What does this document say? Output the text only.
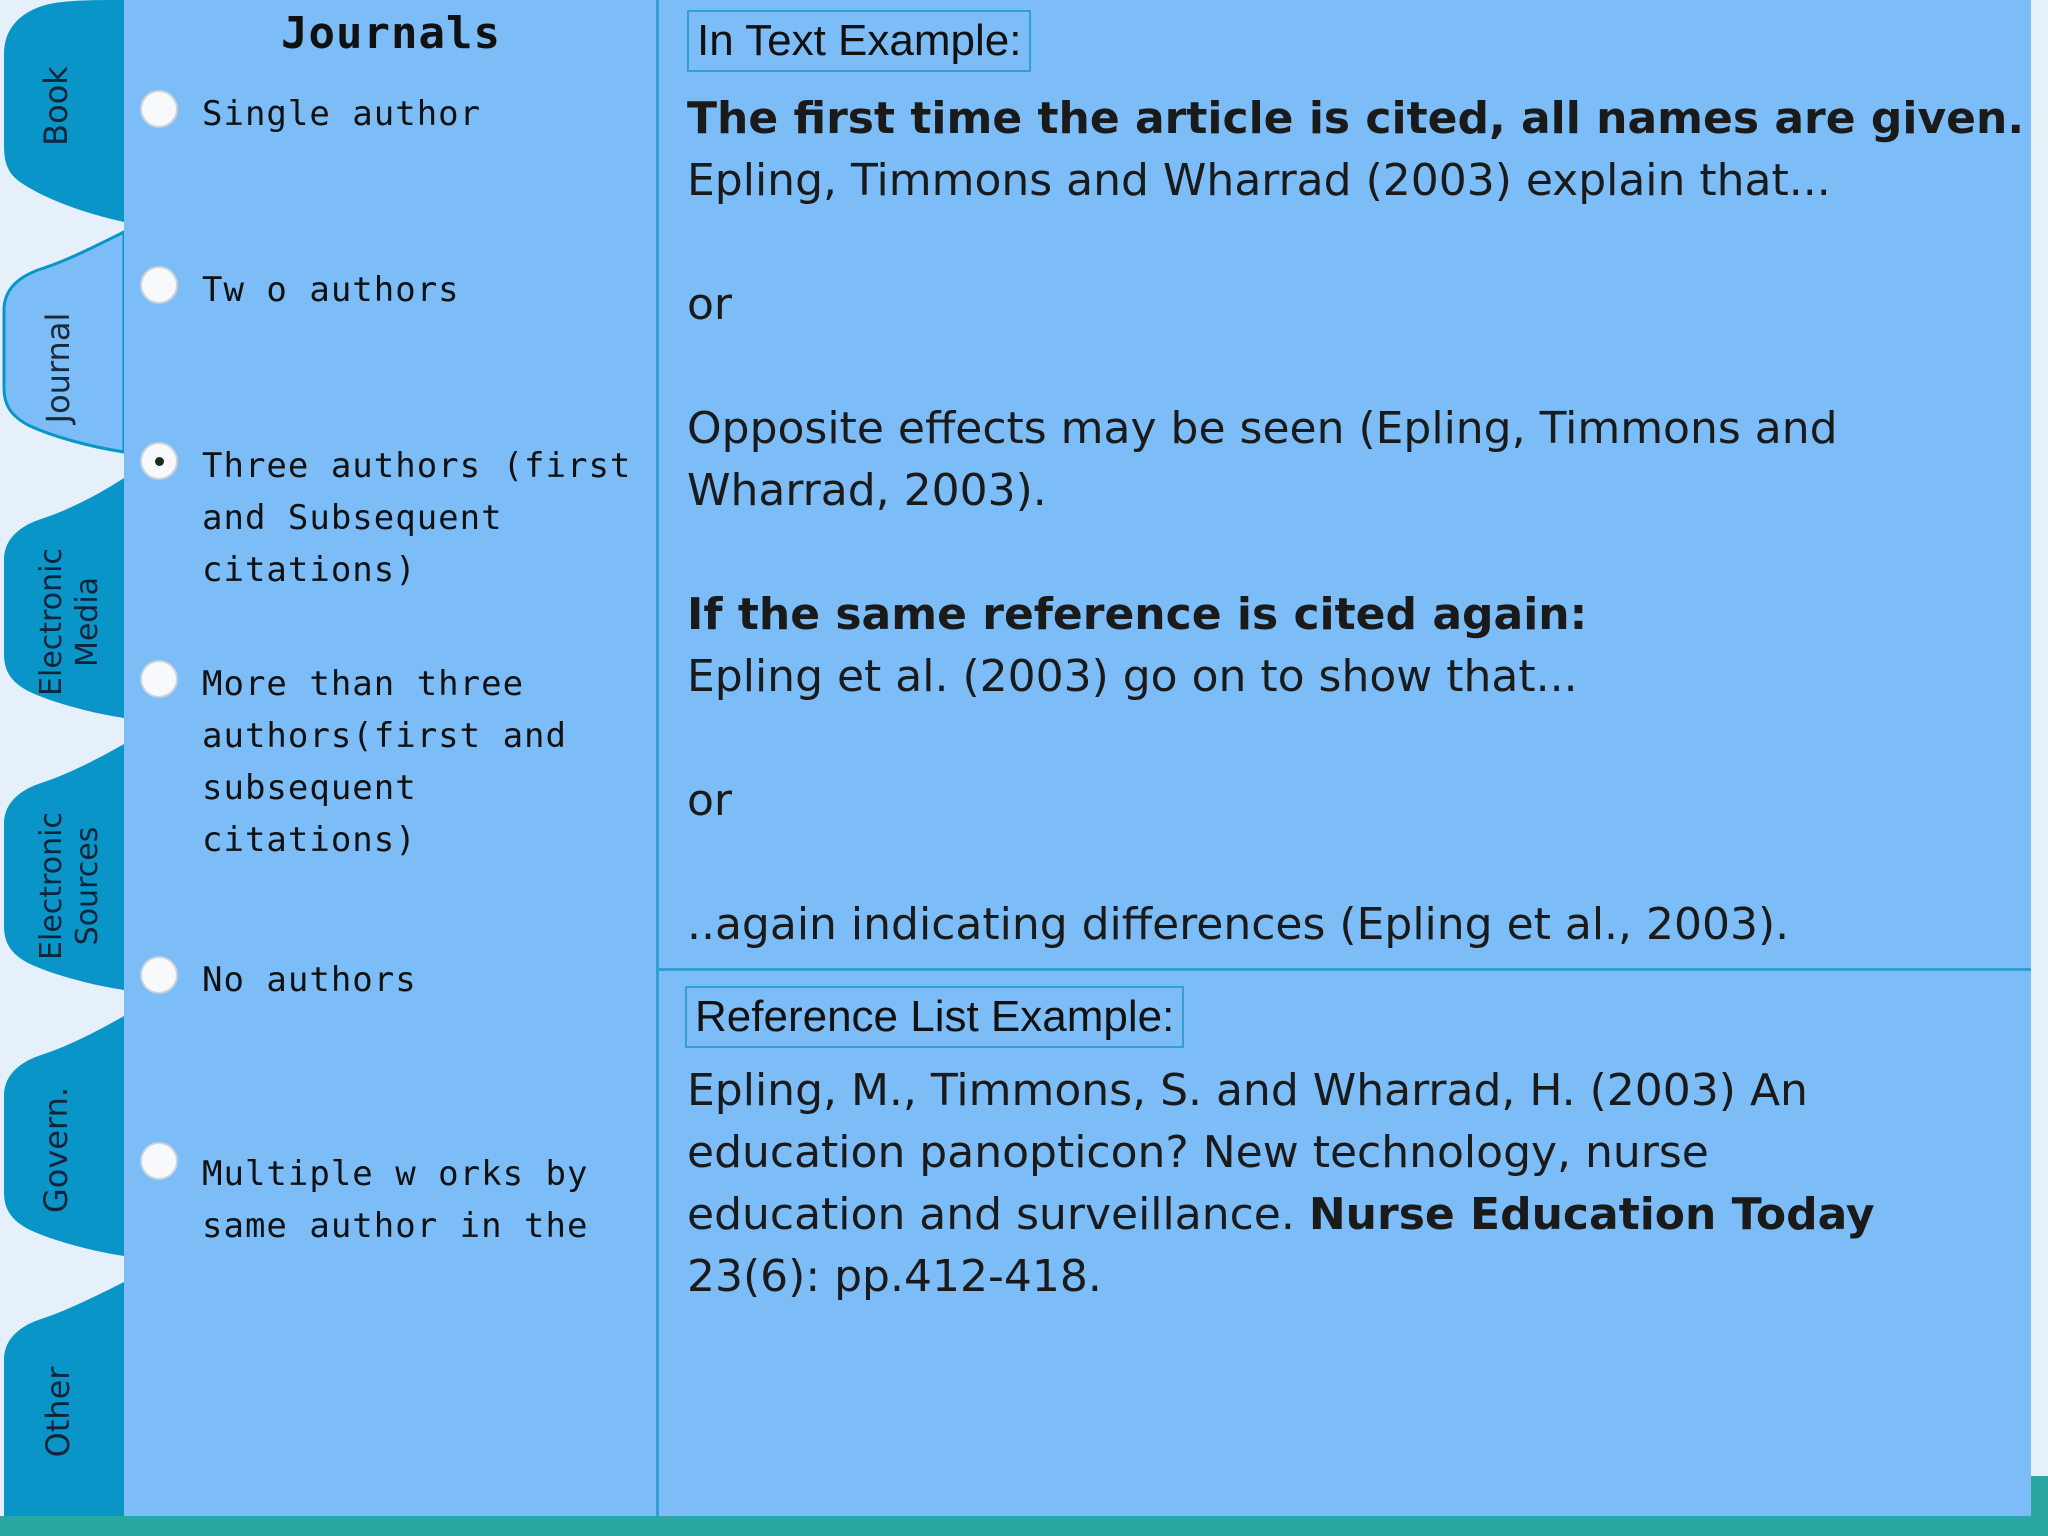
Book
Journal
Electronic
Media
Electronic
Sources
Govern.
Other
Journals
Single author
Tw o authors
Three authors (first and Subsequent citations)
More than three authors(first and subsequent citations)
No authors
Multiple w orks by same author in the
In Text Example:
The first time the article is cited, all names are given.
Epling, Timmons and Wharrad (2003) explain that...
or
Opposite effects may be seen (Epling, Timmons and
Wharrad, 2003).
If the same reference is cited again:
Epling et al. (2003) go on to show that...
or
..again indicating differences (Epling et al., 2003).
Reference List Example:
Epling, M., Timmons, S. and Wharrad, H. (2003) An
education panopticon? New technology, nurse
education and surveillance. Nurse Education Today
23(6): pp.412-418.
